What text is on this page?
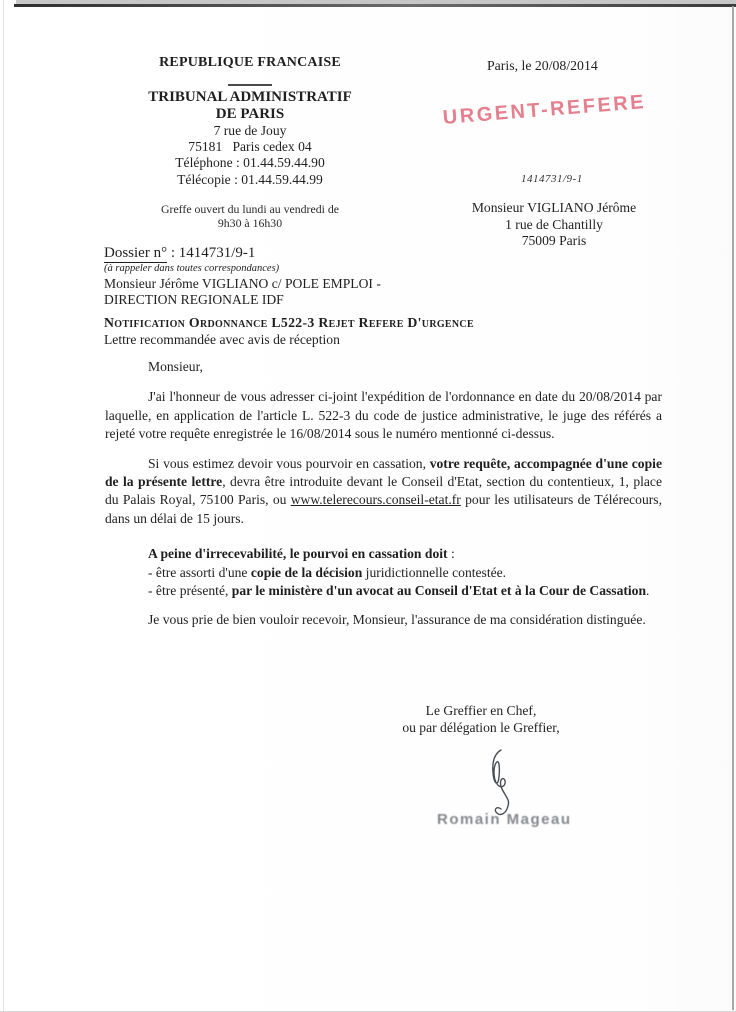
REPUBLIQUE FRANCAISE
TRIBUNAL ADMINISTRATIF
DE PARIS
7 rue de Jouy
75181   Paris cedex 04
Téléphone : 01.44.59.44.90
Télécopie : 01.44.59.44.99
Greffe ouvert du lundi au vendredi de
9h30 à 16h30
Paris, le 20/08/2014
URGENT-REFERE
1414731/9-1
Monsieur VIGLIANO Jérôme
1 rue de Chantilly
75009 Paris
Dossier n° : 1414731/9-1
(à rappeler dans toutes correspondances)
Monsieur Jérôme VIGLIANO c/ POLE EMPLOI -
DIRECTION REGIONALE IDF
Notification Ordonnance L522-3 Rejet Refere D'urgence
Lettre recommandée avec avis de réception
Monsieur,

J'ai l'honneur de vous adresser ci-joint l'expédition de l'ordonnance en date du 20/08/2014 par laquelle, en application de l'article L. 522-3 du code de justice administrative, le juge des référés a rejeté votre requête enregistrée le 16/08/2014 sous le numéro mentionné ci-dessus.

Si vous estimez devoir vous pourvoir en cassation, votre requête, accompagnée d'une copie de la présente lettre, devra être introduite devant le Conseil d'Etat, section du contentieux, 1, place du Palais Royal, 75100 Paris, ou www.telerecours.conseil-etat.fr pour les utilisateurs de Télérecours, dans un délai de 15 jours.

A peine d'irrecevabilité, le pourvoi en cassation doit :
- être assorti d'une copie de la décision juridictionnelle contestée.
- être présenté, par le ministère d'un avocat au Conseil d'Etat et à la Cour de Cassation.

Je vous prie de bien vouloir recevoir, Monsieur, l'assurance de ma considération distinguée.

Le Greffier en Chef,
ou par délégation le Greffier,
Romain Mageau
